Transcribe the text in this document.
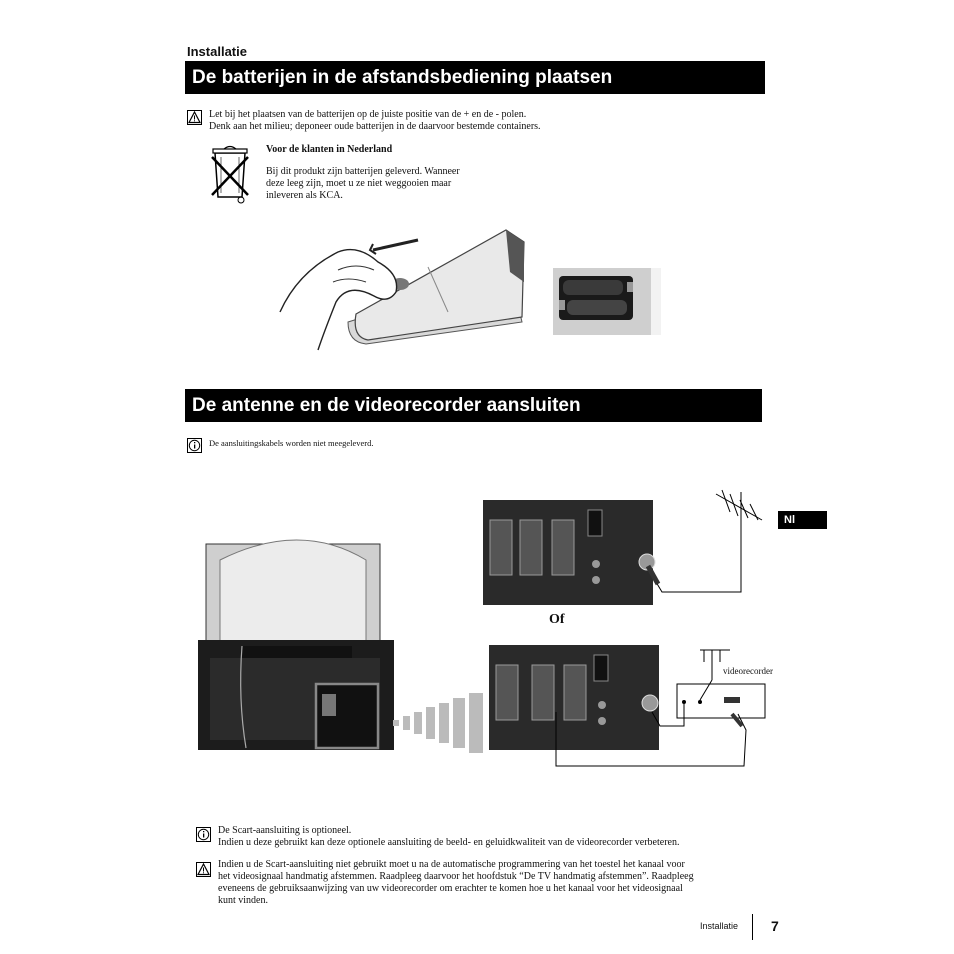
Installatie
De batterijen in de afstandsbediening plaatsen
Let bij het plaatsen van de batterijen op de juiste positie van de + en de - polen.
Denk aan het milieu; deponeer oude batterijen in de daarvoor bestemde containers.
Voor de klanten in Nederland
Bij dit produkt zijn batterijen geleverd. Wanneer
deze leeg zijn, moet u ze niet weggooien maar
inleveren als KCA.
De antenne en de videorecorder aansluiten
De aansluitingskabels worden niet meegeleverd.
Nl
Of
videorecorder
De Scart-aansluiting is optioneel.
Indien u deze gebruikt kan deze optionele aansluiting de beeld- en geluidkwaliteit van de videorecorder verbeteren.
Indien u de Scart-aansluiting niet gebruikt moet u na de automatische programmering van het toestel het kanaal voor
het videosignaal handmatig afstemmen. Raadpleeg daarvoor het hoofdstuk “De TV handmatig afstemmen”. Raadpleeg
eveneens de gebruiksaanwijzing van uw videorecorder om erachter te komen hoe u het kanaal voor het videosignaal
kunt vinden.
Installatie 7
